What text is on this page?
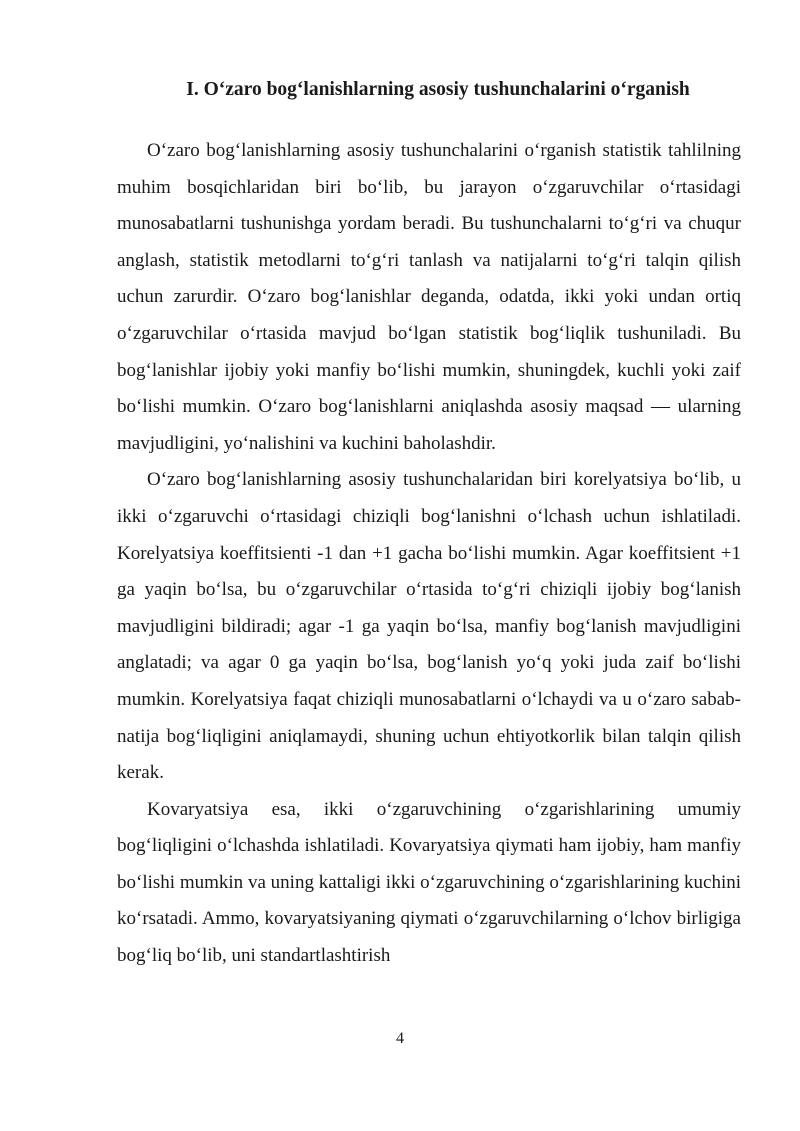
I. O‘zaro bog‘lanishlarning asosiy tushunchalarini o‘rganish

O‘zaro bog‘lanishlarning asosiy tushunchalarini o‘rganish statistik tahlilning muhim bosqichlaridan biri bo‘lib, bu jarayon o‘zgaruvchilar o‘rtasidagi munosabatlarni tushunishga yordam beradi. Bu tushunchalarni to‘g‘ri va chuqur anglash, statistik metodlarni to‘g‘ri tanlash va natijalarni to‘g‘ri talqin qilish uchun zarurdir. O‘zaro bog‘lanishlar deganda, odatda, ikki yoki undan ortiq o‘zgaruvchilar o‘rtasida mavjud bo‘lgan statistik bog‘liqlik tushuniladi. Bu bog‘lanishlar ijobiy yoki manfiy bo‘lishi mumkin, shuningdek, kuchli yoki zaif bo‘lishi mumkin. O‘zaro bog‘lanishlarni aniqlashda asosiy maqsad — ularning mavjudligini, yo‘nalishini va kuchini baholashdir.

O‘zaro bog‘lanishlarning asosiy tushunchalaridan biri korelyatsiya bo‘lib, u ikki o‘zgaruvchi o‘rtasidagi chiziqli bog‘lanishni o‘lchash uchun ishlatiladi. Korelyatsiya koeffitsienti -1 dan +1 gacha bo‘lishi mumkin. Agar koeffitsient +1 ga yaqin bo‘lsa, bu o‘zgaruvchilar o‘rtasida to‘g‘ri chiziqli ijobiy bog‘lanish mavjudligini bildiradi; agar -1 ga yaqin bo‘lsa, manfiy bog‘lanish mavjudligini anglatadi; va agar 0 ga yaqin bo‘lsa, bog‘lanish yo‘q yoki juda zaif bo‘lishi mumkin. Korelyatsiya faqat chiziqli munosabatlarni o‘lchaydi va u o‘zaro sabab-natija bog‘liqligini aniqlamaydi, shuning uchun ehtiyotkorlik bilan talqin qilish kerak.

Kovaryatsiya esa, ikki o‘zgaruvchining o‘zgarishlarining umumiy bog‘liqligini o‘lchashda ishlatiladi. Kovaryatsiya qiymati ham ijobiy, ham manfiy bo‘lishi mumkin va uning kattaligi ikki o‘zgaruvchining o‘zgarishlarining kuchini ko‘rsatadi. Ammo, kovaryatsiyaning qiymati o‘zgaruvchilarning o‘lchov birligiga bog‘liq bo‘lib, uni standartlashtirish

4
